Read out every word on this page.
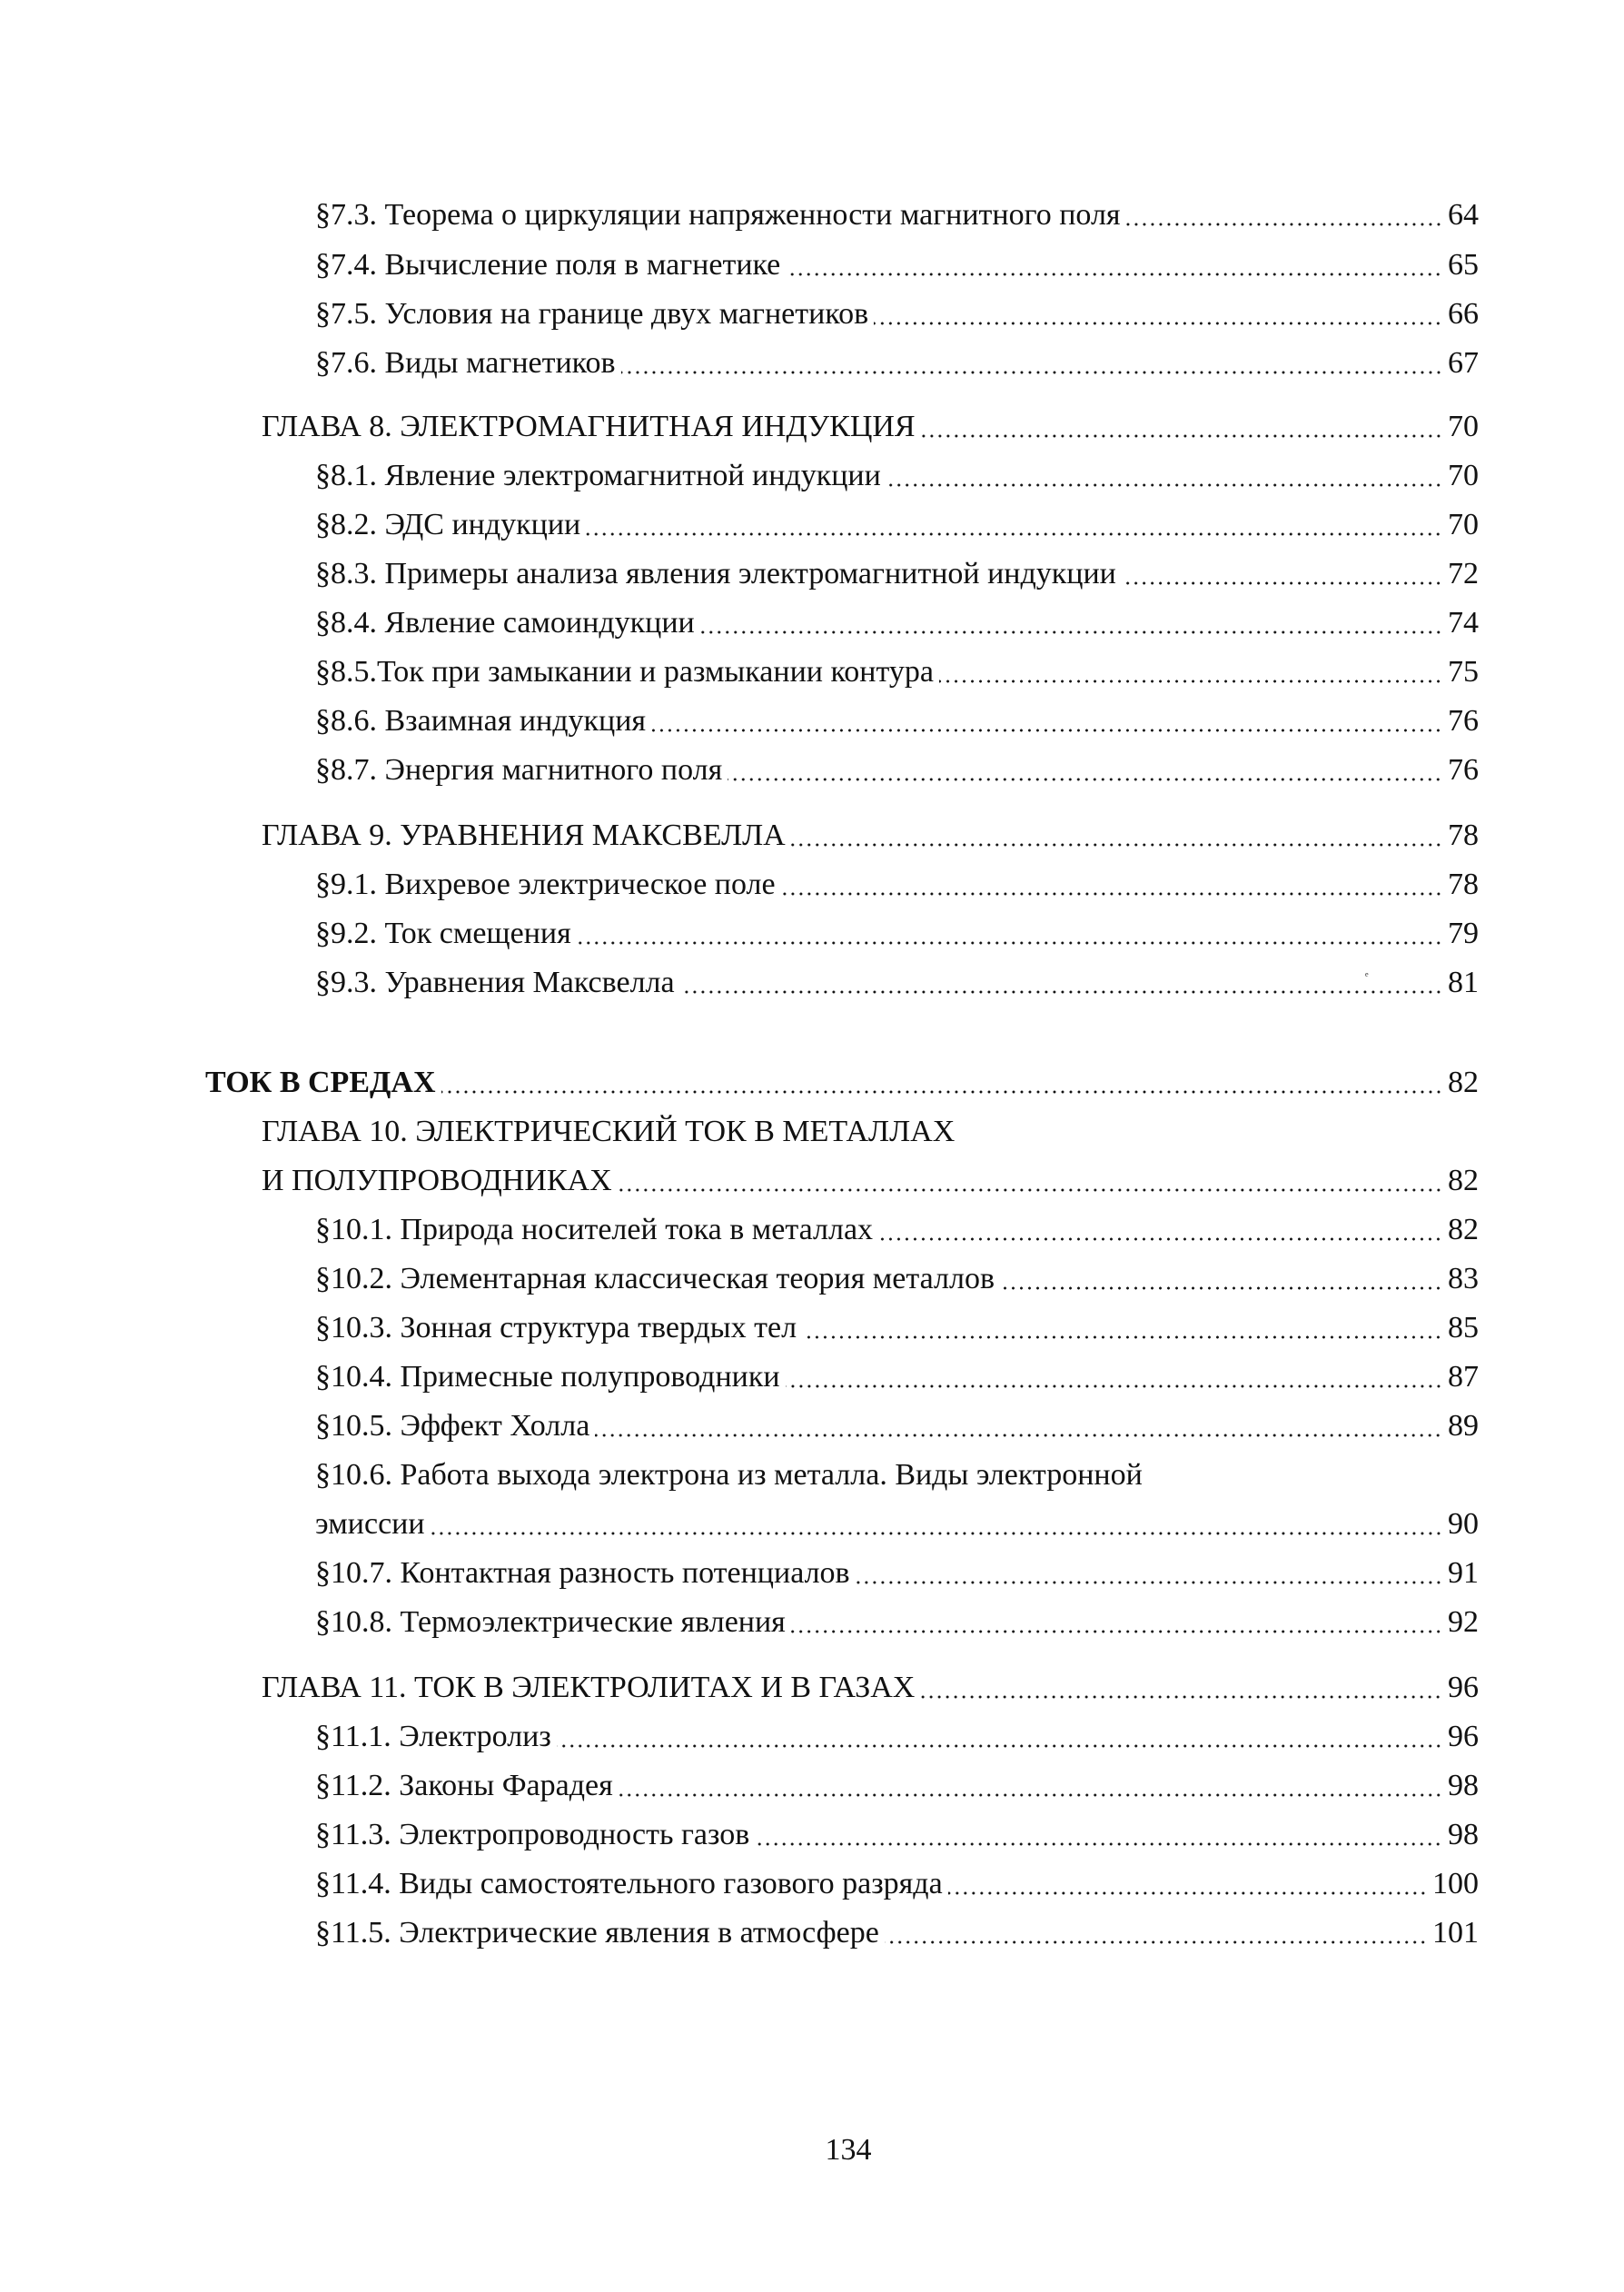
§7.3. Теорема о циркуляции напряженности магнитного поля	64
§7.4. Вычисление поля в магнетике	65
§7.5. Условия на границе двух магнетиков	66
§7.6. Виды магнетиков	67
ГЛАВА 8. ЭЛЕКТРОМАГНИТНАЯ ИНДУКЦИЯ	70
§8.1. Явление электромагнитной индукции	70
§8.2. ЭДС индукции	70
§8.3. Примеры анализа явления электромагнитной индукции	72
§8.4. Явление самоиндукции	74
§8.5.Ток при замыкании и размыкании контура	75
§8.6. Взаимная индукция	76
§8.7. Энергия магнитного поля	76
ГЛАВА 9. УРАВНЕНИЯ МАКСВЕЛЛА	78
§9.1. Вихревое электрическое поле	78
§9.2. Ток смещения	79
§9.3. Уравнения Максвелла	81
ᵉ
ТОК В СРЕДАХ	82
ГЛАВА 10. ЭЛЕКТРИЧЕСКИЙ ТОК В МЕТАЛЛАХ
И ПОЛУПРОВОДНИКАХ	82
§10.1. Природа носителей тока в металлах	82
§10.2. Элементарная классическая теория металлов	83
§10.3. Зонная структура твердых тел	85
§10.4. Примесные полупроводники	87
§10.5. Эффект Холла	89
§10.6. Работа выхода электрона из металла. Виды электронной
эмиссии	90
§10.7. Контактная разность потенциалов	91
§10.8. Термоэлектрические явления	92
ГЛАВА 11. ТОК В ЭЛЕКТРОЛИТАХ И В ГАЗАХ	96
§11.1. Электролиз	96
§11.2. Законы Фарадея	98
§11.3. Электропроводность газов	98
§11.4. Виды самостоятельного газового разряда	100
§11.5. Электрические явления в атмосфере	101
134
